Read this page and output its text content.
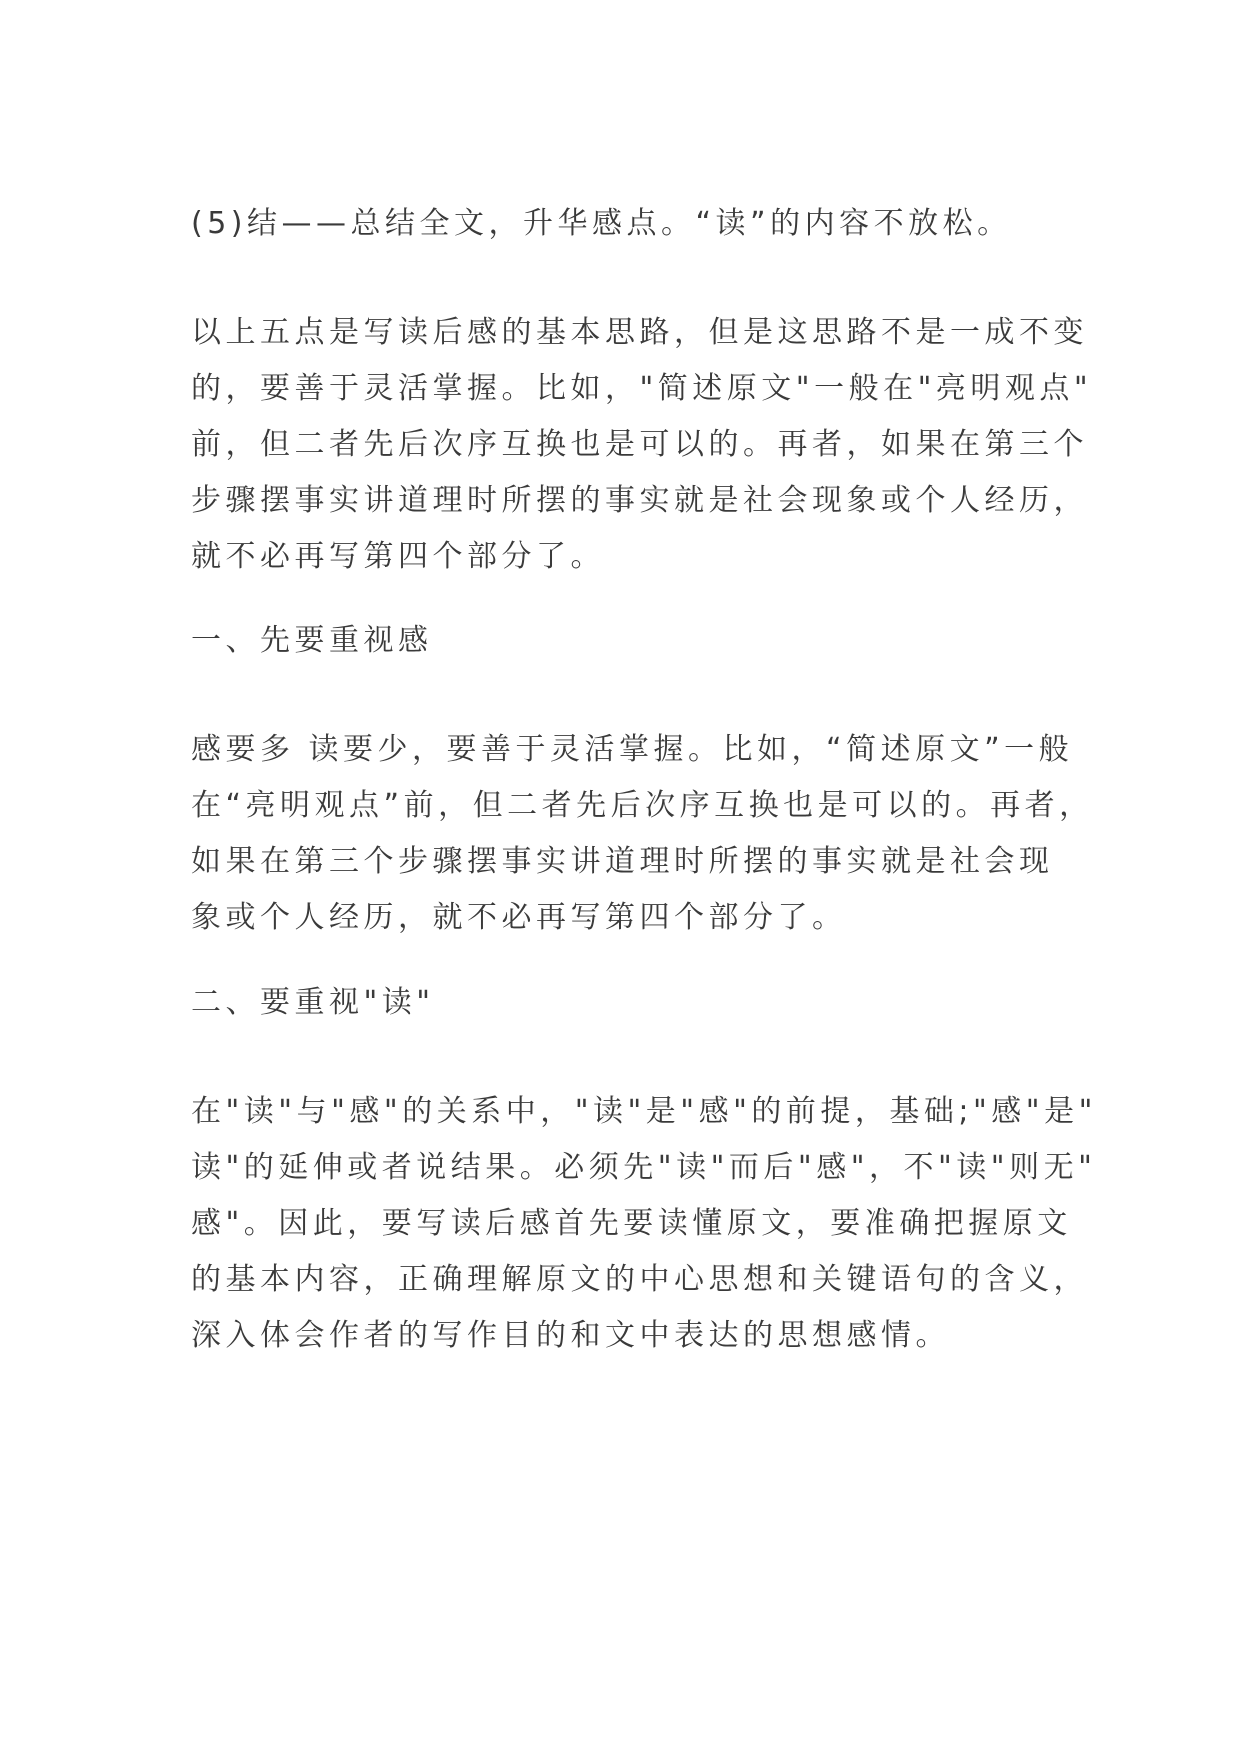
(5)结——总结全文，升华感点。“读”的内容不放松。

以上五点是写读后感的基本思路，但是这思路不是一成不变
的，要善于灵活掌握。比如，"简述原文"一般在"亮明观点"
前，但二者先后次序互换也是可以的。再者，如果在第三个
步骤摆事实讲道理时所摆的事实就是社会现象或个人经历，
就不必再写第四个部分了。

一、先要重视感

感要多 读要少，要善于灵活掌握。比如，“简述原文”一般
在“亮明观点”前，但二者先后次序互换也是可以的。再者，
如果在第三个步骤摆事实讲道理时所摆的事实就是社会现
象或个人经历，就不必再写第四个部分了。

二、要重视"读"

在"读"与"感"的关系中，"读"是"感"的前提，基础;"感"是"
读"的延伸或者说结果。必须先"读"而后"感"，不"读"则无"
感"。因此，要写读后感首先要读懂原文，要准确把握原文
的基本内容，正确理解原文的中心思想和关键语句的含义，
深入体会作者的写作目的和文中表达的思想感情。
